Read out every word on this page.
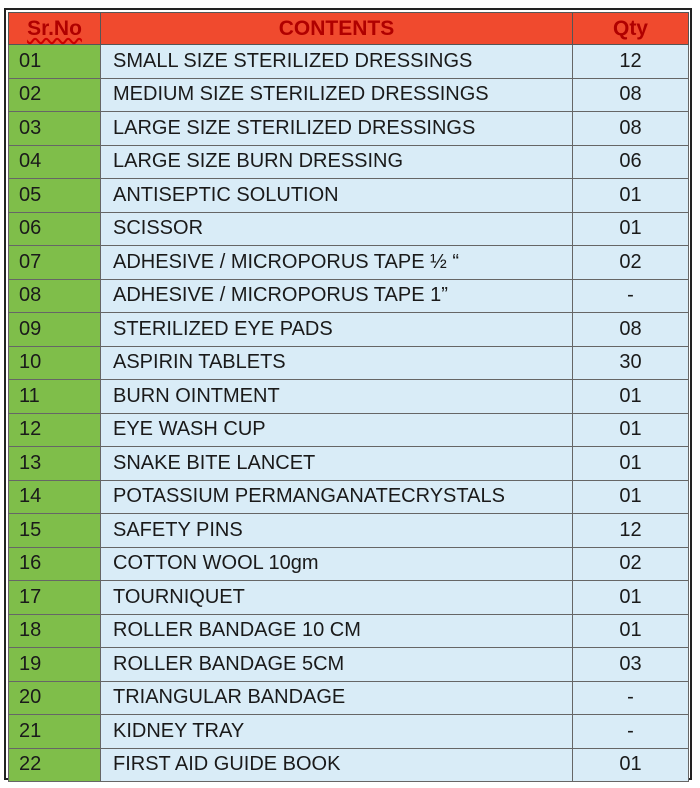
Sr.No	CONTENTS	Qty
01	SMALL SIZE STERILIZED DRESSINGS	12
02	MEDIUM SIZE STERILIZED DRESSINGS	08
03	LARGE SIZE STERILIZED DRESSINGS	08
04	LARGE SIZE BURN DRESSING	06
05	ANTISEPTIC SOLUTION	01
06	SCISSOR	01
07	ADHESIVE / MICROPORUS TAPE ½ “	02
08	ADHESIVE / MICROPORUS TAPE 1”	-
09	STERILIZED EYE PADS	08
10	ASPIRIN TABLETS	30
11	BURN OINTMENT	01
12	EYE WASH CUP	01
13	SNAKE BITE LANCET	01
14	POTASSIUM PERMANGANATECRYSTALS	01
15	SAFETY PINS	12
16	COTTON WOOL 10gm	02
17	TOURNIQUET	01
18	ROLLER BANDAGE 10 CM	01
19	ROLLER BANDAGE 5CM	03
20	TRIANGULAR BANDAGE	-
21	KIDNEY TRAY	-
22	FIRST AID GUIDE BOOK	01
